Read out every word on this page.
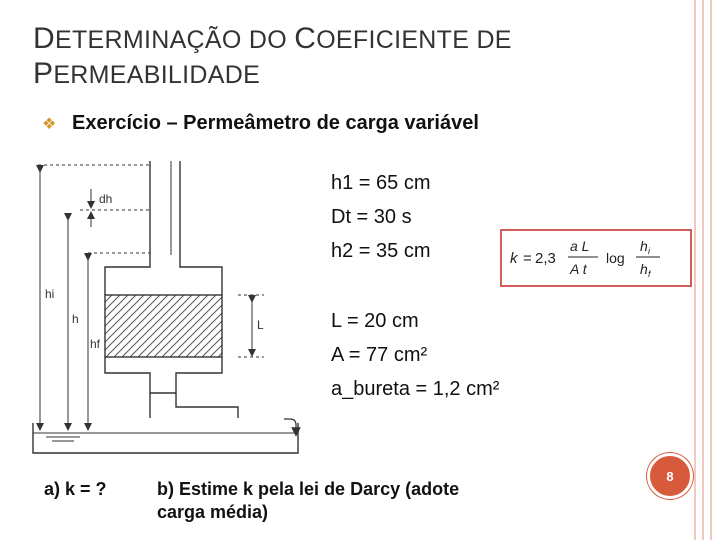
DETERMINAÇÃO DO COEFICIENTE DE
PERMEABILIDADE
❖ Exercício – Permeâmetro de carga variável
hi
h
hf
dh
L
h1 = 65 cm
Dt = 30 s
h2 = 35 cm	k = 2,3
a L
A t
log
h i
h f
L = 20 cm
A = 77 cm²
a_bureta = 1,2 cm²
a) k = ?	b) Estime k pela lei de Darcy (adote
carga média)
8
